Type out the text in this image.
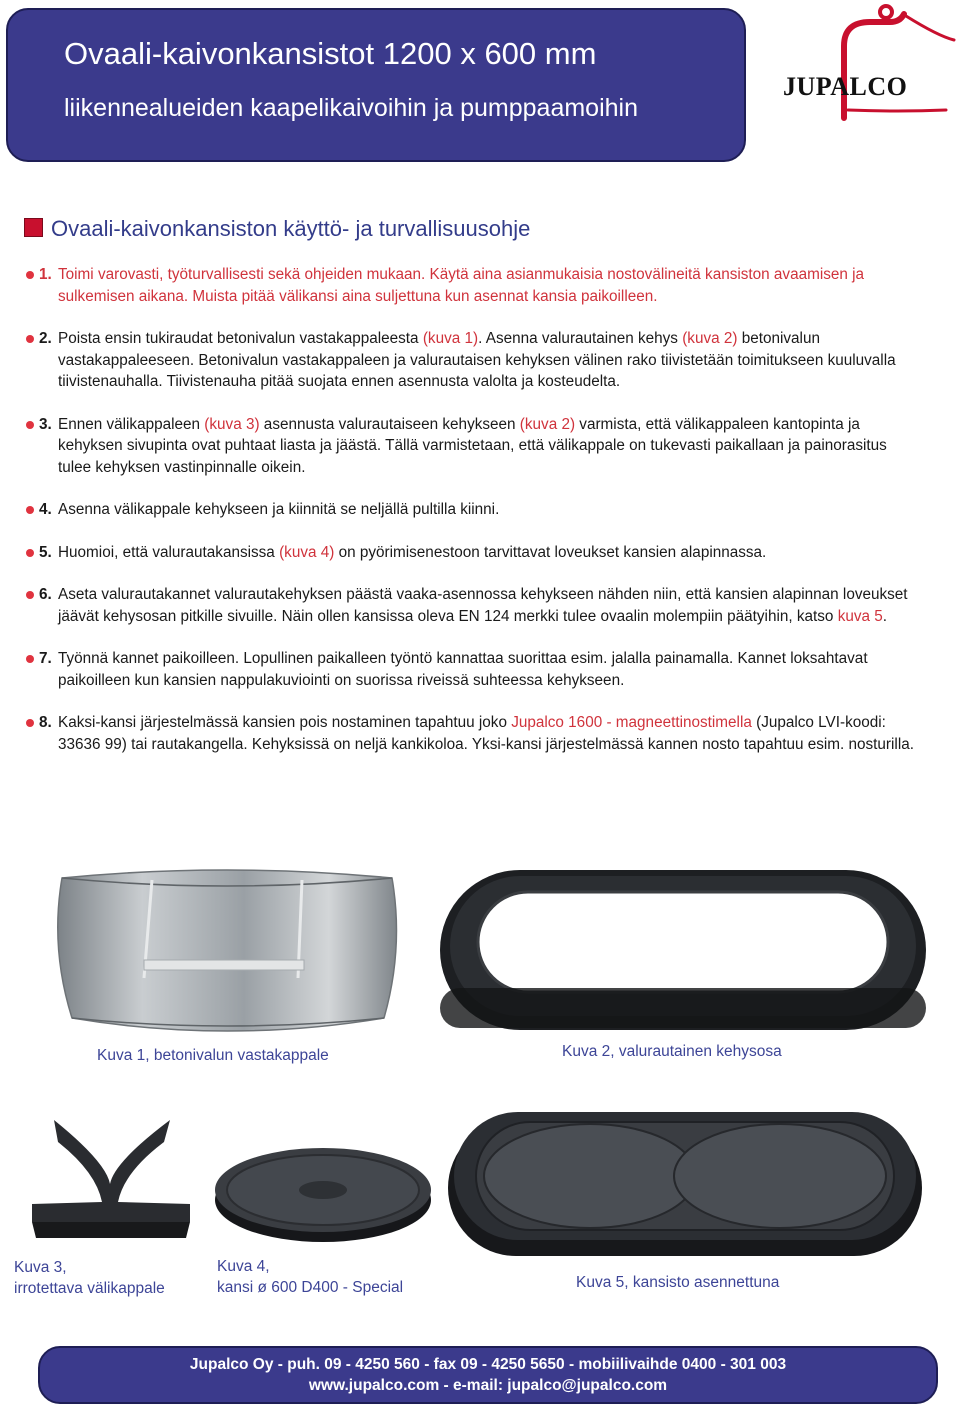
Ovaali-kaivonkansistot 1200 x 600 mm
liikennealueiden kaapelikaivoihin ja pumppaamoihin
JUPALCO
Ovaali-kaivonkansiston käyttö- ja turvallisuusohje
1. Toimi varovasti, työturvallisesti sekä ohjeiden mukaan. Käytä aina asianmukaisia nostovälineitä kansiston avaamisen ja sulkemisen aikana. Muista pitää välikansi aina suljettuna kun asennat kansia paikoilleen.
2. Poista ensin tukiraudat betonivalun vastakappaleesta (kuva 1). Asenna valurautainen kehys (kuva 2) betonivalun vastakappaleeseen. Betonivalun vastakappaleen ja valurautaisen kehyksen välinen rako tiivistetään toimitukseen kuuluvalla tiivistenauhalla. Tiivistenauha pitää suojata ennen asennusta valolta ja kosteudelta.
3. Ennen välikappaleen (kuva 3) asennusta valurautaiseen kehykseen (kuva 2) varmista, että välikappaleen kantopinta ja kehyksen sivupinta ovat puhtaat liasta ja jäästä. Tällä varmistetaan, että välikappale on tukevasti paikallaan ja painorasitus tulee kehyksen vastinpinnalle oikein.
4. Asenna välikappale kehykseen ja kiinnitä se neljällä pultilla kiinni.
5. Huomioi, että valurautakansissa (kuva 4) on pyörimisenestoon tarvittavat loveukset kansien alapinnassa.
6. Aseta valurautakannet valurautakehyksen päästä vaaka-asennossa kehykseen nähden niin, että kansien alapinnan loveukset jäävät kehysosan pitkille sivuille. Näin ollen kansissa oleva EN 124 merkki tulee ovaalin molempiin päätyihin, katso kuva 5.
7. Työnnä kannet paikoilleen. Lopullinen paikalleen työntö kannattaa suorittaa esim. jalalla painamalla. Kannet loksahtavat paikoilleen kun kansien nappulakuviointi on suorissa riveissä suhteessa kehykseen.
8. Kaksi-kansi järjestelmässä kansien pois nostaminen tapahtuu joko Jupalco 1600 - magneettinostimella (Jupalco LVI-koodi: 33636 99) tai rautakangella. Kehyksissä on neljä kankikoloa. Yksi-kansi järjestelmässä kannen nosto tapahtuu esim. nosturilla.
Kuva 1, betonivalun vastakappale	Kuva 2, valurautainen kehysosa
Kuva 3,
irrotettava välikappale
Kuva 4,
kansi ø 600 D400 - Special	Kuva 5, kansisto asennettuna
Jupalco Oy - puh. 09 - 4250 560 - fax 09 - 4250 5650 - mobiilivaihde 0400 - 301 003
www.jupalco.com - e-mail: jupalco@jupalco.com
